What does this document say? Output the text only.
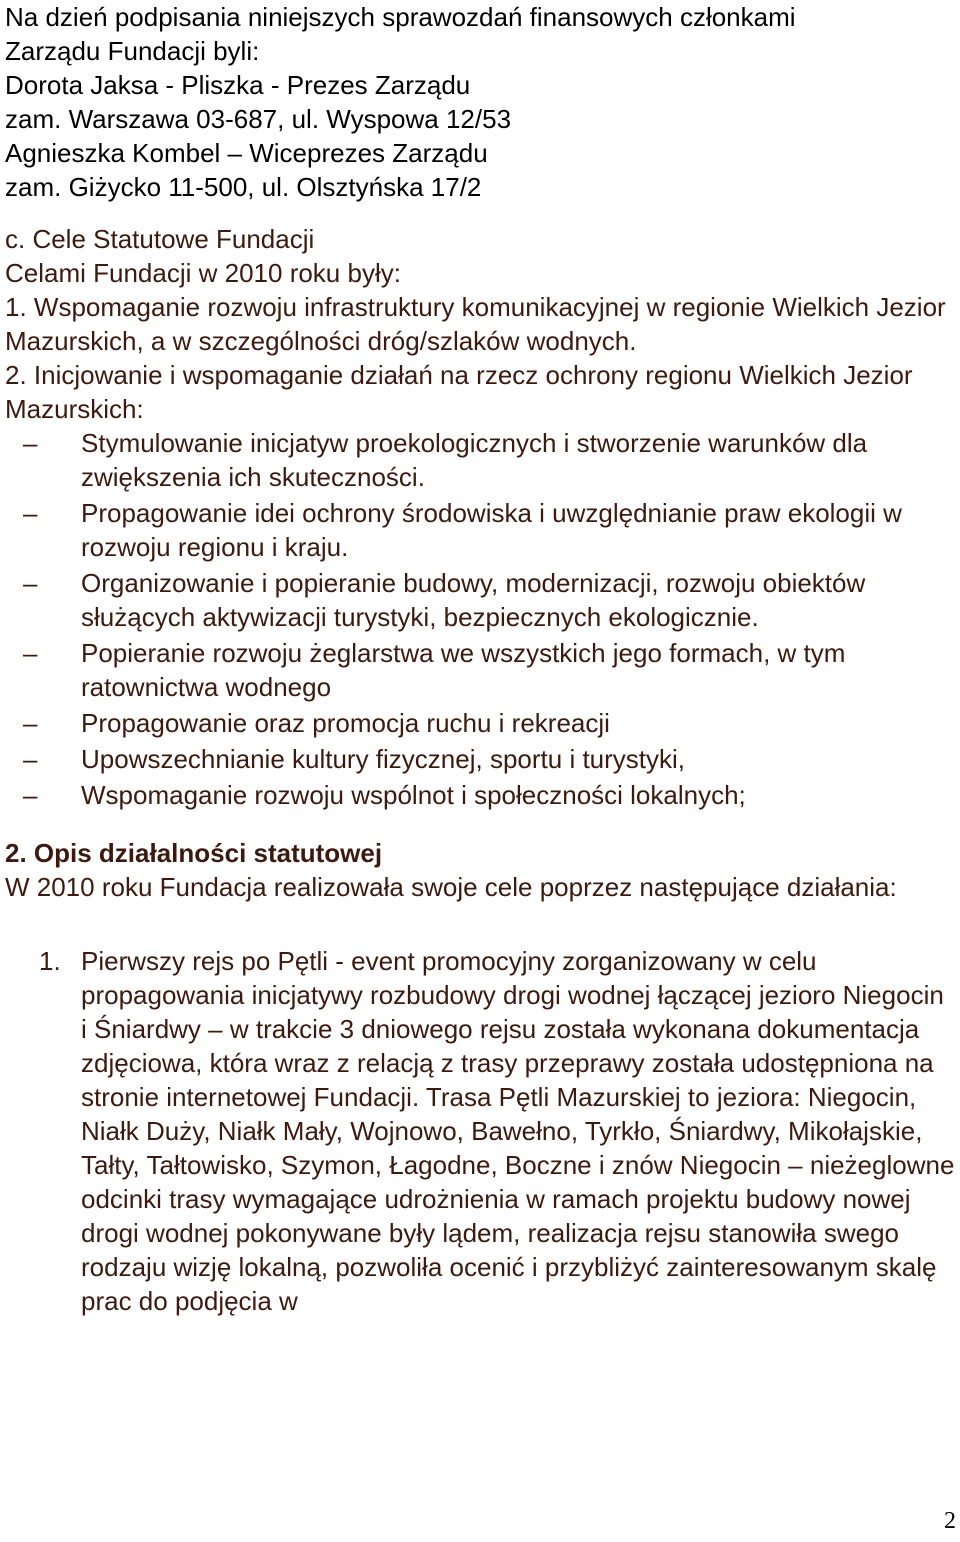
Na dzień podpisania niniejszych sprawozdań finansowych członkami

Zarządu Fundacji byli:

Dorota Jaksa - Pliszka - Prezes Zarządu

zam. Warszawa 03-687, ul. Wyspowa 12/53

Agnieszka Kombel – Wiceprezes Zarządu

zam. Giżycko 11-500, ul. Olsztyńska 17/2

c. Cele Statutowe Fundacji

Celami Fundacji w 2010 roku były:

1. Wspomaganie rozwoju infrastruktury komunikacyjnej w regionie Wielkich Jezior Mazurskich, a w szczególności dróg/szlaków wodnych.

2. Inicjowanie i wspomaganie działań na rzecz ochrony regionu Wielkich Jezior Mazurskich:

–	Stymulowanie inicjatyw proekologicznych i stworzenie warunków dla zwiększenia ich skuteczności.
–	Propagowanie idei ochrony środowiska i uwzględnianie praw ekologii w rozwoju regionu i kraju.
–	Organizowanie i popieranie budowy, modernizacji, rozwoju obiektów służących aktywizacji turystyki, bezpiecznych ekologicznie.
–	Popieranie rozwoju żeglarstwa we wszystkich jego formach, w tym ratownictwa wodnego
–	Propagowanie oraz promocja ruchu i rekreacji
–	Upowszechnianie kultury fizycznej, sportu i turystyki,
–	Wspomaganie rozwoju wspólnot i społeczności lokalnych;

2. Opis działalności statutowej

W 2010 roku Fundacja realizowała swoje cele poprzez następujące działania:

1. Pierwszy rejs po Pętli - event promocyjny zorganizowany w celu propagowania inicjatywy rozbudowy drogi wodnej łączącej jezioro Niegocin i Śniardwy – w trakcie 3 dniowego rejsu została wykonana dokumentacja zdjęciowa, która wraz z relacją z trasy przeprawy została udostępniona na stronie internetowej Fundacji. Trasa Pętli Mazurskiej to jeziora: Niegocin, Niałk Duży, Niałk Mały, Wojnowo, Bawełno, Tyrkło, Śniardwy, Mikołajskie, Tałty, Tałtowisko, Szymon, Łagodne, Boczne i znów Niegocin – nieżeglowne odcinki trasy wymagające udrożnienia w ramach projektu budowy nowej drogi wodnej pokonywane były lądem, realizacja rejsu stanowiła swego rodzaju wizję lokalną, pozwoliła ocenić i przybliżyć zainteresowanym skalę prac do podjęcia w
2
